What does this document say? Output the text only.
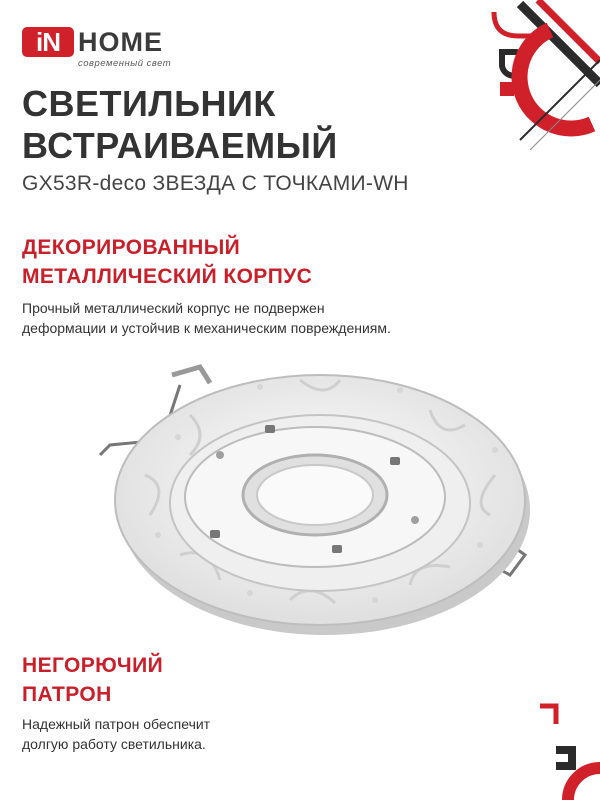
iN HOME
современный свет
СВЕТИЛЬНИК
ВСТРАИВАЕМЫЙ
GX53R-deco ЗВЕЗДА С ТОЧКАМИ-WH
ДЕКОРИРОВАННЫЙ
МЕТАЛЛИЧЕСКИЙ КОРПУС

Прочный металлический корпус не подвержен
деформации и устойчив к механическим повреждениям.

НЕГОРЮЧИЙ
ПАТРОН

Надежный патрон обеспечит
долгую работу светильника.
